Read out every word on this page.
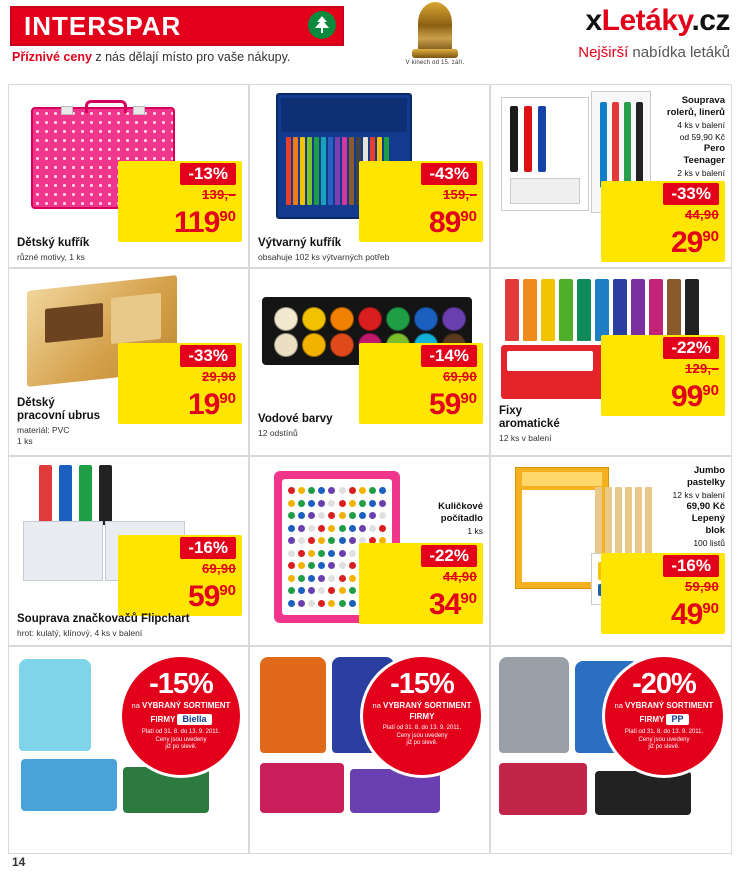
INTERSPAR
Příznivé ceny z nás dělají místo pro vaše nákupy.	V kinech od 15. září.
xLetáky.cz
Nejširší nabídka letáků
-13%
139,–
$119^{90}$
Dětský kufřík
různé motivy, 1 ks
-43%
159,–
$89^{90}$
Výtvarný kufřík
obsahuje 102 ks výtvarných potřeb
Souprava
rolerů, linerů
4 ks v balení
od 59,90 Kč
Pero
Teenager
2 ks v balení
-33%
44,90
$29^{90}$
-33%
29,90
$19^{90}$
Dětský
pracovní ubrus
materiál: PVC
1 ks
-14%
69,90
$59^{90}$
Vodové barvy
12 odstínů
-22%
129,–
$99^{90}$
Fixy
aromatické
12 ks v balení
-16%
69,90
$59^{90}$
Souprava značkovačů Flipchart
hrot: kulatý, klínový, 4 ks v balení
Kuličkové
počítadlo
1 ks
-22%
44,90
$34^{90}$
Jumbo
pastelky
12 ks v balení
69,90 Kč
Lepený
blok
100 listů
-16%
59,90
$49^{90}$
-15%
na VYBRANÝ SORTIMENT
FIRMY Biella
Platí od 31. 8. do 13. 9. 2011.
Ceny jsou uvedeny
již po slevě.
-15%
na VYBRANÝ SORTIMENT
FIRMY
Platí od 31. 8. do 13. 9. 2011.
Ceny jsou uvedeny
již po slevě.
-20%
na VYBRANÝ SORTIMENT
FIRMY PP
Platí od 31. 8. do 13. 9. 2011.
Ceny jsou uvedeny
již po slevě.
14
